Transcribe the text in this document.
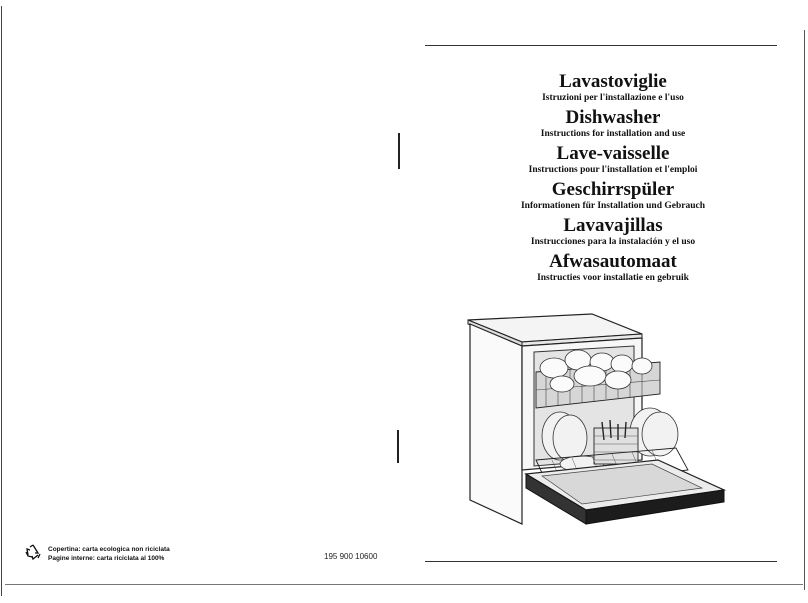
Lavastoviglie

Istruzioni per l'installazione e l'uso

Dishwasher

Instructions for installation and use

Lave-vaisselle

Instructions pour l'installation et l'emploi

Geschirrspüler

Informationen für Installation und Gebrauch

Lavavajillas

Instrucciones para la instalación y el uso

Afwasautomaat

Instructies voor installatie en gebruik

Copertina: carta ecologica non riciclata
Pagine interne: carta riciclata al 100%	195 900 10600
